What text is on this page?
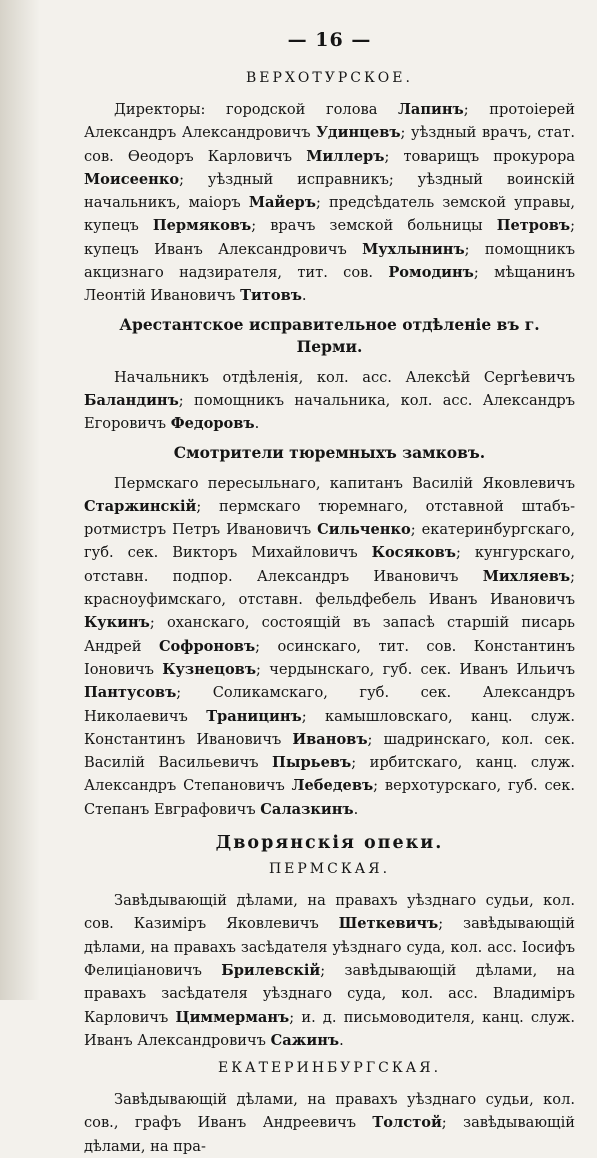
— 16 —
ВЕРХОТУРСКОЕ.

Директоры: городской голова Лапинъ; протоіерей Александръ Александровичъ Удинцевъ; уѣздный врачъ, стат. сов. Ѳеодоръ Карловичъ Миллеръ; товарищъ прокурора Моисеенко; уѣздный исправникъ; уѣздный воинскій начальникъ, маіоръ Майеръ; предсѣдатель земской управы, купецъ Пермяковъ; врачъ земской больницы Петровъ; купецъ Иванъ Александровичъ Мухлынинъ; помощникъ акцизнаго надзирателя, тит. сов. Ромодинъ; мѣщанинъ Леонтій Ивановичъ Титовъ.

Арестантское исправительное отдѣленіе въ г. Перми.

Начальникъ отдѣленія, кол. асс. Алексѣй Сергѣевичъ Баландинъ; помощникъ начальника, кол. асс. Александръ Егоровичъ Федоровъ.

Смотрители тюремныхъ замковъ.

Пермскаго пересыльнаго, капитанъ Василій Яковлевичъ Старжинскій; пермскаго тюремнаго, отставной штабъ-ротмистръ Петръ Ивановичъ Сильченко; екатеринбургскаго, губ. сек. Викторъ Михайловичъ Косяковъ; кунгурскаго, отставн. подпор. Александръ Ивановичъ Михляевъ; красноуфимскаго, отставн. фельдфебель Иванъ Ивановичъ Кукинъ; оханскаго, состоящій въ запасѣ старшій писарь Андрей Софроновъ; осинскаго, тит. сов. Константинъ Іоновичъ Кузнецовъ; чердынскаго, губ. сек. Иванъ Ильичъ Пантусовъ; Соликамскаго, губ. сек. Александръ Николаевичъ Траницинъ; камышловскаго, канц. служ. Константинъ Ивановичъ Ивановъ; шадринскаго, кол. сек. Василій Васильевичъ Пырьевъ; ирбитскаго, канц. служ. Александръ Степановичъ Лебедевъ; верхотурскаго, губ. сек. Степанъ Евграфовичъ Салазкинъ.

Дворянскія опеки.
ПЕРМСКАЯ.

Завѣдывающій дѣлами, на правахъ уѣзднаго судьи, кол. сов. Казиміръ Яковлевичъ Шеткевичъ; завѣдывающій дѣлами, на правахъ засѣдателя уѣзднаго суда, кол. асс. Іосифъ Фелиціановичъ Брилевскій; завѣдывающій дѣлами, на правахъ засѣдателя уѣзднаго суда, кол. асс. Владиміръ Карловичъ Циммерманъ; и. д. письмоводителя, канц. служ. Иванъ Александровичъ Сажинъ.

ЕКАТЕРИНБУРГСКАЯ.

Завѣдывающій дѣлами, на правахъ уѣзднаго судьи, кол. сов., графъ Иванъ Андреевичъ Толстой; завѣдывающій дѣлами, на пра-
